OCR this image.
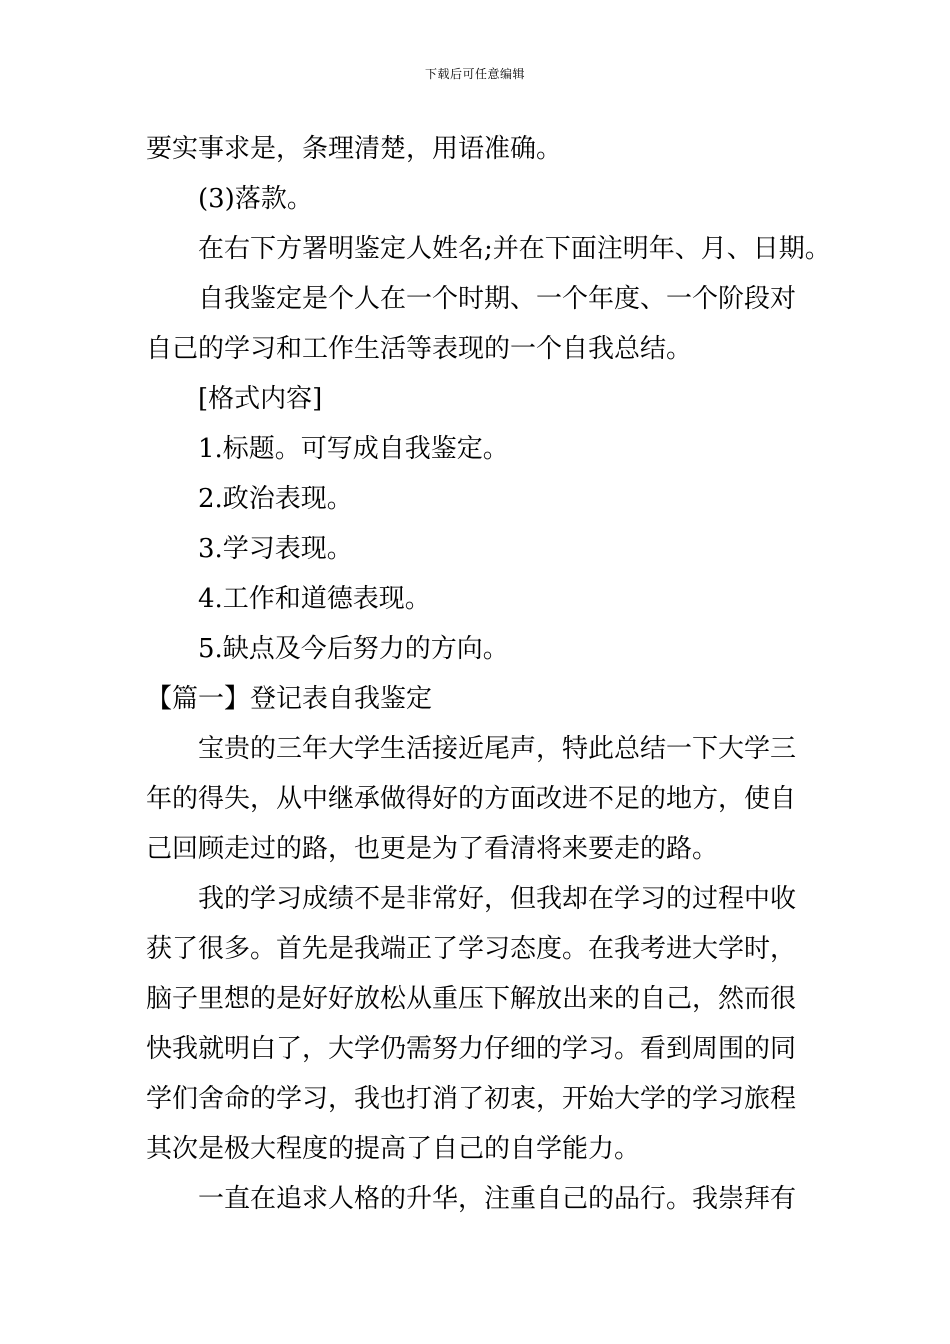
下载后可任意编辑
要实事求是，条理清楚，用语准确。
(3)落款。
在右下方署明鉴定人姓名;并在下面注明年、月、日期。
自我鉴定是个人在一个时期、一个年度、一个阶段对
自己的学习和工作生活等表现的一个自我总结。
[格式内容]
1.标题。可写成自我鉴定。
2.政治表现。
3.学习表现。
4.工作和道德表现。
5.缺点及今后努力的方向。
【篇一】登记表自我鉴定
宝贵的三年大学生活接近尾声，特此总结一下大学三
年的得失，从中继承做得好的方面改进不足的地方，使自
己回顾走过的路，也更是为了看清将来要走的路。
我的学习成绩不是非常好，但我却在学习的过程中收
获了很多。首先是我端正了学习态度。在我考进大学时，
脑子里想的是好好放松从重压下解放出来的自己，然而很
快我就明白了，大学仍需努力仔细的学习。看到周围的同
学们舍命的学习，我也打消了初衷，开始大学的学习旅程
其次是极大程度的提高了自己的自学能力。
一直在追求人格的升华，注重自己的品行。我崇拜有
